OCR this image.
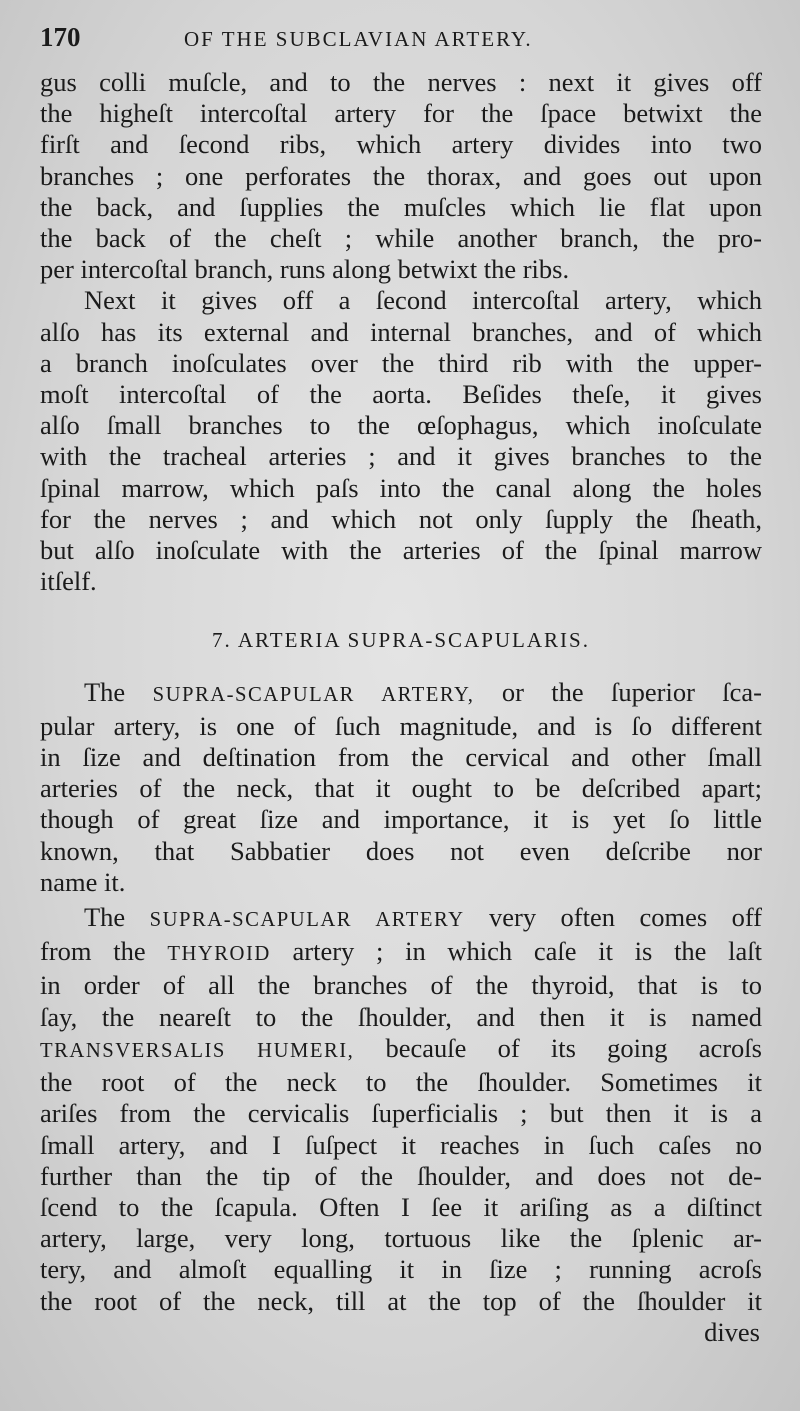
170	OF THE SUBCLAVIAN ARTERY.
gus colli muſcle, and to the nerves : next it gives off
the higheſt intercoſtal artery for the ſpace betwixt the
firſt and ſecond ribs, which artery divides into two
branches ; one perforates the thorax, and goes out upon
the back, and ſupplies the muſcles which lie flat upon
the back of the cheſt ; while another branch, the pro-
per intercoſtal branch, runs along betwixt the ribs.
Next it gives off a ſecond intercoſtal artery, which
alſo has its external and internal branches, and of which
a branch inoſculates over the third rib with the upper-
moſt intercoſtal of the aorta. Beſides theſe, it gives
alſo ſmall branches to the œſophagus, which inoſculate
with the tracheal arteries ; and it gives branches to the
ſpinal marrow, which paſs into the canal along the holes
for the nerves ; and which not only ſupply the ſheath,
but alſo inoſculate with the arteries of the ſpinal marrow
itſelf.
7. ARTERIA SUPRA-SCAPULARIS.
The SUPRA-SCAPULAR ARTERY, or the ſuperior ſca-
pular artery, is one of ſuch magnitude, and is ſo different
in ſize and deſtination from the cervical and other ſmall
arteries of the neck, that it ought to be deſcribed apart;
though of great ſize and importance, it is yet ſo little
known, that Sabbatier does not even deſcribe nor
name it.
The SUPRA-SCAPULAR ARTERY very often comes off
from the THYROID artery ; in which caſe it is the laſt
in order of all the branches of the thyroid, that is to
ſay, the neareſt to the ſhoulder, and then it is named
TRANSVERSALIS HUMERI, becauſe of its going acroſs
the root of the neck to the ſhoulder. Sometimes it
ariſes from the cervicalis ſuperficialis ; but then it is a
ſmall artery, and I ſuſpect it reaches in ſuch caſes no
further than the tip of the ſhoulder, and does not de-
ſcend to the ſcapula. Often I ſee it ariſing as a diſtinct
artery, large, very long, tortuous like the ſplenic ar-
tery, and almoſt equalling it in ſize ; running acroſs
the root of the neck, till at the top of the ſhoulder it
dives
